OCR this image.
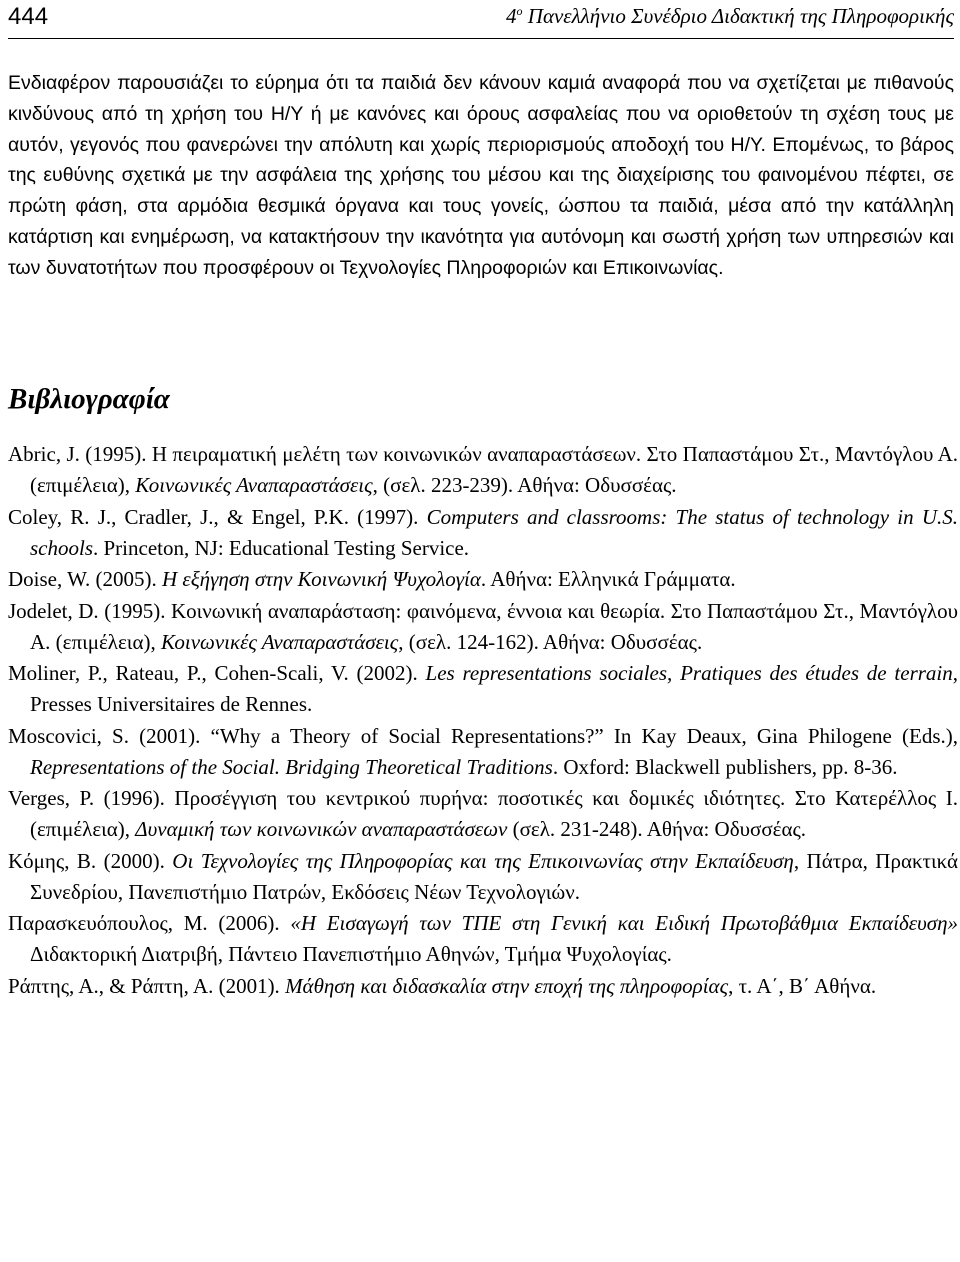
444	$4^o$ Πανελλήνιο Συνέδριο Διδακτική της Πληροφορικής

Ενδιαφέρον παρουσιάζει το εύρημα ότι τα παιδιά δεν κάνουν καμιά αναφορά που να σχετίζεται με πιθανούς κινδύνους από τη χρήση του Η/Υ ή με κανόνες και όρους ασφαλείας που να οριοθετούν τη σχέση τους με αυτόν, γεγονός που φανερώνει την απόλυτη και χωρίς περιορισμούς αποδοχή του Η/Υ. Επομένως, το βάρος της ευθύνης σχετικά με την ασφάλεια της χρήσης του μέσου και της διαχείρισης του φαινομένου πέφτει, σε πρώτη φάση, στα αρμόδια θεσμικά όργανα και τους γονείς, ώσπου τα παιδιά, μέσα από την κατάλληλη κατάρτιση και ενημέρωση, να κατακτήσουν την ικανότητα για αυτόνομη και σωστή χρήση των υπηρεσιών και των δυνατοτήτων που προσφέρουν οι Τεχνολογίες Πληροφοριών και Επικοινωνίας.

Βιβλιογραφία
Abric, J. (1995). Η πειραματική μελέτη των κοινωνικών αναπαραστάσεων. Στο Παπαστάμου Στ., Μαντόγλου Α. (επιμέλεια), Κοινωνικές Αναπαραστάσεις, (σελ. 223-239). Αθήνα: Οδυσσέας.
Coley, R. J., Cradler, J., & Engel, P.K. (1997). Computers and classrooms: The status of technology in U.S. schools. Princeton, NJ: Educational Testing Service.
Doise, W. (2005). Η εξήγηση στην Κοινωνική Ψυχολογία. Αθήνα: Ελληνικά Γράμματα.
Jodelet, D. (1995). Κοινωνική αναπαράσταση: φαινόμενα, έννοια και θεωρία. Στο Παπαστάμου Στ., Μαντόγλου Α. (επιμέλεια), Κοινωνικές Αναπαραστάσεις, (σελ. 124-162). Αθήνα: Οδυσσέας.
Moliner, P., Rateau, P., Cohen-Scali, V. (2002). Les representations sociales, Pratiques des études de terrain, Presses Universitaires de Rennes.
Moscovici, S. (2001). “Why a Theory of Social Representations?” In Kay Deaux, Gina Philogene (Eds.), Representations of the Social. Bridging Theoretical Traditions. Oxford: Blackwell publishers, pp. 8-36.
Verges, P. (1996). Προσέγγιση του κεντρικού πυρήνα: ποσοτικές και δομικές ιδιότητες. Στο Κατερέλλος Ι. (επιμέλεια), Δυναμική των κοινωνικών αναπαραστάσεων (σελ. 231-248). Αθήνα: Οδυσσέας.
Κόμης, Β. (2000). Οι Τεχνολογίες της Πληροφορίας και της Επικοινωνίας στην Εκπαίδευση, Πάτρα, Πρακτικά Συνεδρίου, Πανεπιστήμιο Πατρών, Εκδόσεις Νέων Τεχνολογιών.
Παρασκευόπουλος, Μ. (2006). «Η Εισαγωγή των ΤΠΕ στη Γενική και Ειδική Πρωτοβάθμια Εκπαίδευση» Διδακτορική Διατριβή, Πάντειο Πανεπιστήμιο Αθηνών, Τμήμα Ψυχολογίας.
Ράπτης, Α., & Ράπτη, Α. (2001). Μάθηση και διδασκαλία στην εποχή της πληροφορίας, τ. Α΄, Β΄ Αθήνα.
